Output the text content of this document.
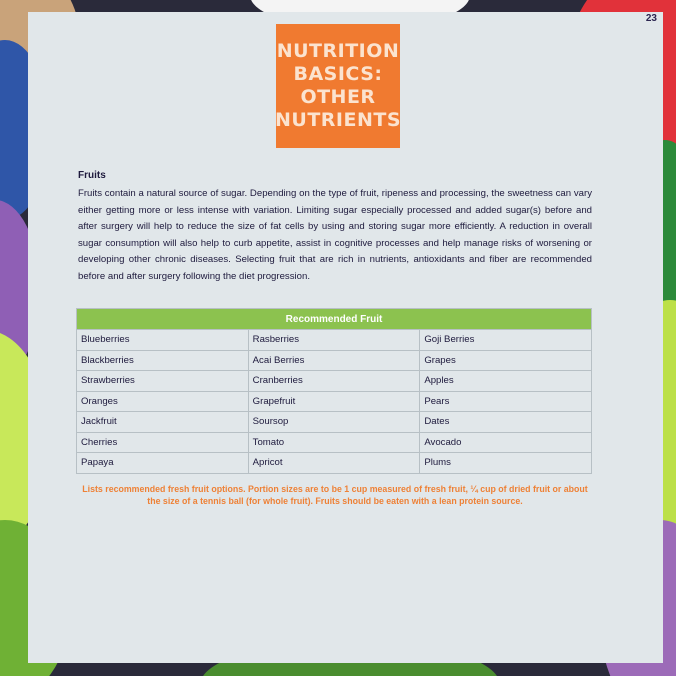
23
NUTRITION
BASICS:
OTHER
NUTRIENTS
Fruits
Fruits contain a natural source of sugar. Depending on the type of fruit, ripeness and processing, the sweetness can vary either getting more or less intense with variation. Limiting sugar especially processed and added sugar(s) before and after surgery will help to reduce the size of fat cells by using and storing sugar more efficiently. A reduction in overall sugar consumption will also help to curb appetite, assist in cognitive processes and help manage risks of worsening or developing other chronic diseases. Selecting fruit that are rich in nutrients, antioxidants and fiber are recommended before and after surgery following the diet progression.
Recommended Fruit		
Blueberries	Rasberries	Goji Berries
Blackberries	Acai Berries	Grapes
Strawberries	Cranberries	Apples
Oranges	Grapefruit	Pears
Jackfruit	Soursop	Dates
Cherries	Tomato	Avocado
Papaya	Apricot	Plums
Lists recommended fresh fruit options. Portion sizes are to be 1 cup measured of fresh fruit, ¼ cup of dried fruit or about the size of a tennis ball (for whole fruit). Fruits should be eaten with a lean protein source.
